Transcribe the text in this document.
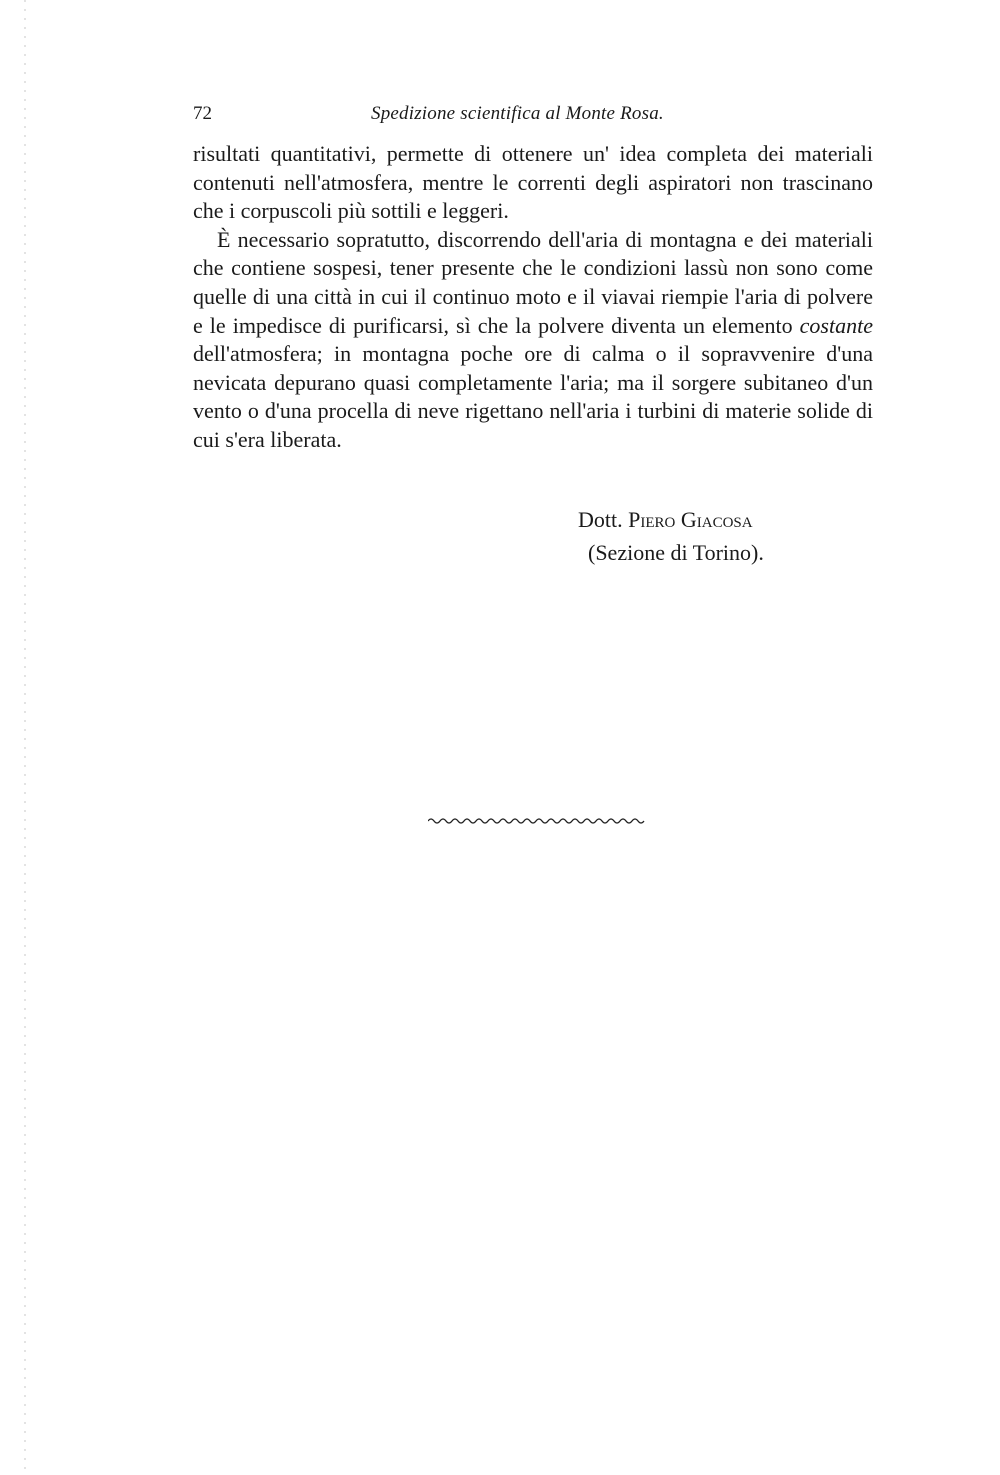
72	Spedizione scientifica al Monte Rosa.

risultati quantitativi, permette di ottenere un' idea completa dei materiali contenuti nell'atmosfera, mentre le correnti degli aspiratori non trascinano che i corpuscoli più sottili e leggeri.

È necessario sopratutto, discorrendo dell'aria di montagna e dei materiali che contiene sospesi, tener presente che le condizioni lassù non sono come quelle di una città in cui il continuo moto e il viavai riempie l'aria di polvere e le impedisce di purificarsi, sì che la polvere diventa un elemento costante dell'atmosfera; in montagna poche ore di calma o il sopravvenire d'una nevicata depurano quasi completamente l'aria; ma il sorgere subitaneo d'un vento o d'una procella di neve rigettano nell'aria i turbini di materie solide di cui s'era liberata.

Dott. Piero Giacosa
(Sezione di Torino).
